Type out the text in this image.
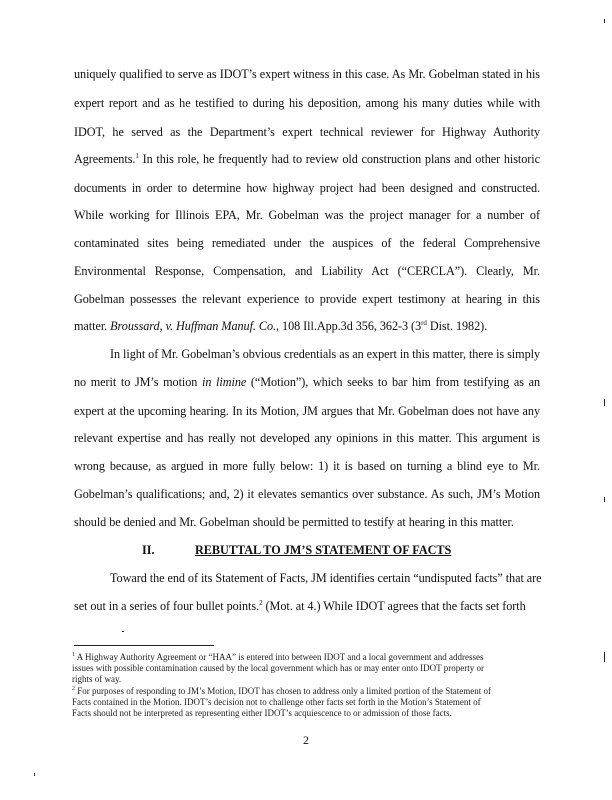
uniquely qualified to serve as IDOT’s expert witness in this case. As Mr. Gobelman stated in his
expert report and as he testified to during his deposition, among his many duties while with
IDOT, he served as the Department’s expert technical reviewer for Highway Authority
Agreements.$^1$ In this role, he frequently had to review old construction plans and other historic
documents in order to determine how highway project had been designed and constructed.
While working for Illinois EPA, Mr. Gobelman was the project manager for a number of
contaminated sites being remediated under the auspices of the federal Comprehensive
Environmental Response, Compensation, and Liability Act (“CERCLA”). Clearly, Mr.
Gobelman possesses the relevant experience to provide expert testimony at hearing in this
matter. Broussard, v. Huffman Manuf. Co., 108 Ill.App.3d 356, 362-3 (3rd Dist. 1982).
In light of Mr. Gobelman’s obvious credentials as an expert in this matter, there is simply
no merit to JM’s motion in limine (“Motion”), which seeks to bar him from testifying as an
expert at the upcoming hearing. In its Motion, JM argues that Mr. Gobelman does not have any
relevant expertise and has really not developed any opinions in this matter. This argument is
wrong because, as argued in more fully below: 1) it is based on turning a blind eye to Mr.
Gobelman’s qualifications; and, 2) it elevates semantics over substance. As such, JM’s Motion
should be denied and Mr. Gobelman should be permitted to testify at hearing in this matter.
II.	REBUTTAL TO JM’S STATEMENT OF FACTS
Toward the end of its Statement of Facts, JM identifies certain “undisputed facts” that are
set out in a series of four bullet points.$^2$ (Mot. at 4.) While IDOT agrees that the facts set forth
$^1$ A Highway Authority Agreement or “HAA” is entered into between IDOT and a local government and addresses
issues with possible contamination caused by the local government which has or may enter onto IDOT property or
rights of way.
$^2$ For purposes of responding to JM’s Motion, IDOT has chosen to address only a limited portion of the Statement of
Facts contained in the Motion. IDOT’s decision not to challenge other facts set forth in the Motion’s Statement of
Facts should not be interpreted as representing either IDOT’s acquiescence to or admission of those facts.
2
